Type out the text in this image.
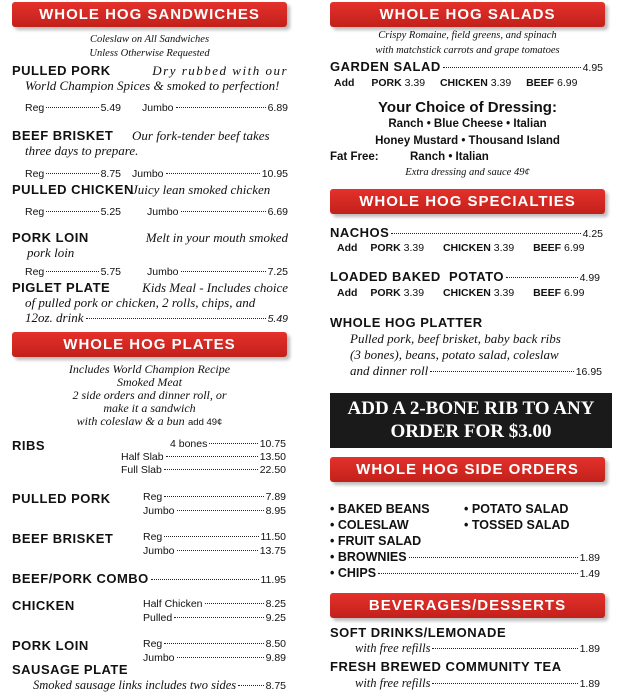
WHOLE HOG SANDWICHES
Coleslaw on All Sandwiches
Unless Otherwise Requested
PULLED PORK	Dry rubbed with our
World Champion Spices & smoked to perfection!
Reg	5.49 Jumbo	6.89
BEEF BRISKET Our fork-tender beef takes
three days to prepare.
Reg	8.75 Jumbo	10.95
PULLED CHICKEN
Juicy lean smoked chicken
Reg	5.25 Jumbo	6.69
PORK LOIN	Melt in your mouth smoked
pork loin
Reg	5.75 Jumbo	7.25
PIGLET PLATE	Kids Meal - Includes choice
of pulled pork or chicken, 2 rolls, chips, and
12oz. drink	5.49
WHOLE HOG PLATES
Includes World Champion Recipe
Smoked Meat
2 side orders and dinner roll, or
make it a sandwich
with coleslaw & a bun add 49¢
RIBS	4 bones	10.75
Half Slab	13.50
Full Slab	22.50
PULLED PORK	Reg	7.89
Jumbo	8.95
BEEF BRISKET	Reg	11.50
Jumbo	13.75
BEEF/PORK COMBO	11.95
CHICKEN	Half Chicken	8.25
Pulled	9.25
PORK LOIN	Reg	8.50
Jumbo	9.89
SAUSAGE PLATE
Smoked sausage links includes two sides	8.75
WHOLE HOG SALADS
Crispy Romaine, field greens, and spinach
with matchstick carrots and grape tomatoes
GARDEN SALAD	4.95
Add PORK 3.39 CHICKEN 3.39 BEEF 6.99
Your Choice of Dressing:
Ranch • Blue Cheese • Italian
Honey Mustard • Thousand Island
Fat Free:	Ranch • Italian
Extra dressing and sauce 49¢
WHOLE HOG SPECIALTIES
NACHOS	4.25
Add PORK 3.39 CHICKEN 3.39 BEEF 6.99
LOADED BAKED  POTATO	4.99
Add PORK 3.39 CHICKEN 3.39 BEEF 6.99
WHOLE HOG PLATTER
Pulled pork, beef brisket, baby back ribs
(3 bones), beans, potato salad, coleslaw
and dinner roll	16.95
ADD A 2-BONE RIB TO ANY
ORDER FOR $3.00
WHOLE HOG SIDE ORDERS
• BAKED BEANS	• POTATO SALAD
• COLESLAW	• TOSSED SALAD
• FRUIT SALAD
• BROWNIES	1.89
• CHIPS	1.49
BEVERAGES/DESSERTS
SOFT DRINKS/LEMONADE
with free refills	1.89
FRESH BREWED COMMUNITY TEA
with free refills	1.89
